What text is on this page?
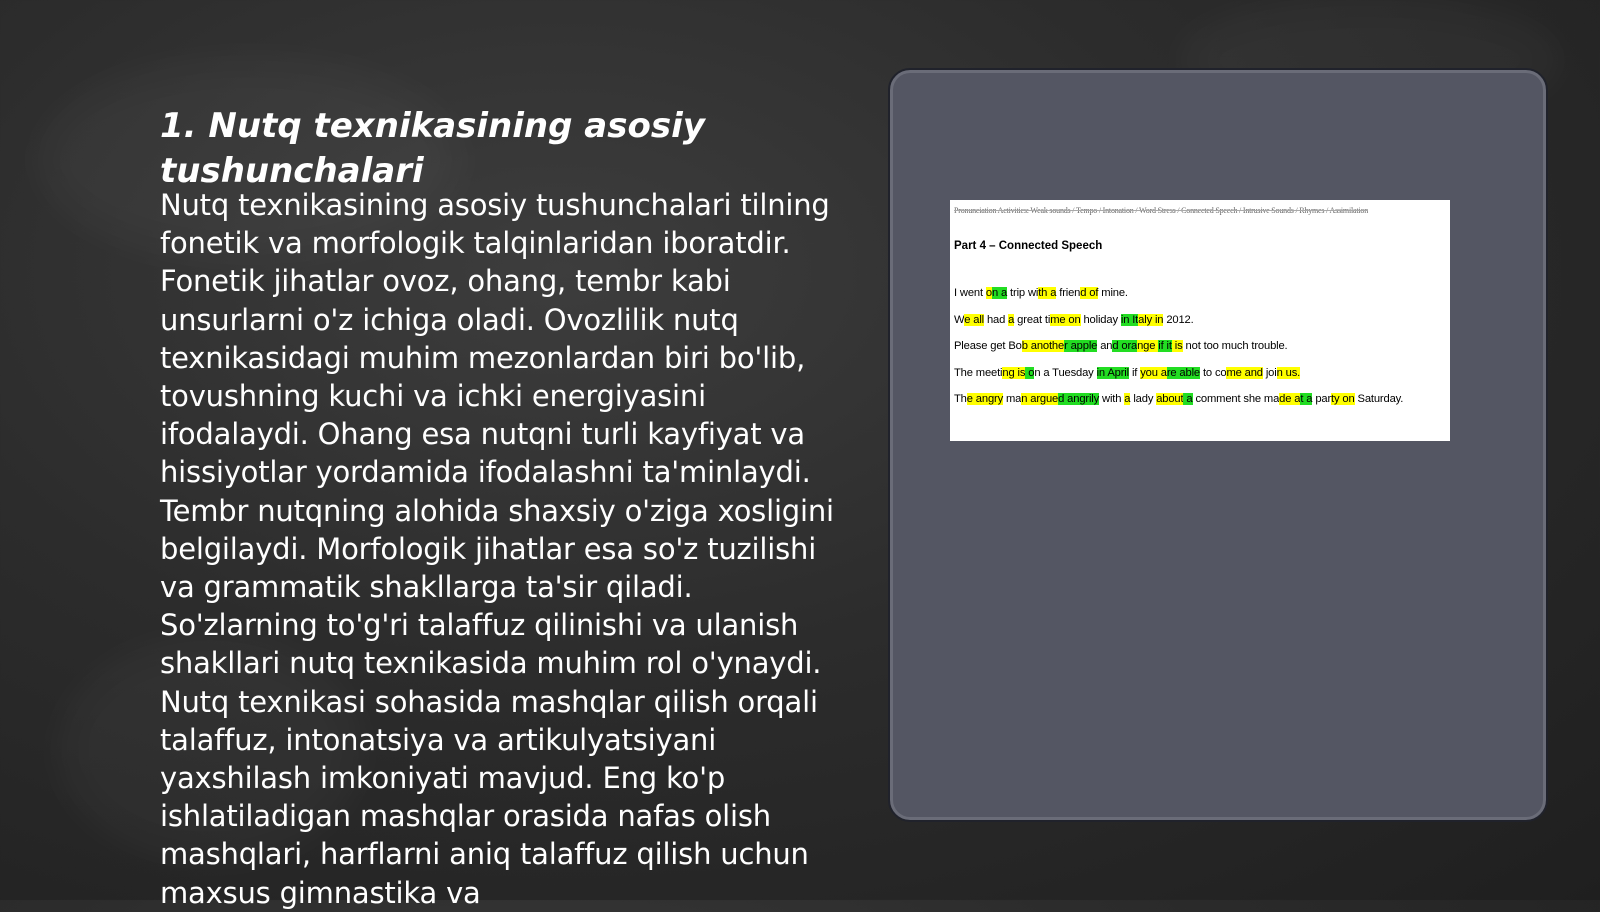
1. Nutq texnikasining asosiy tushunchalari

Nutq texnikasining asosiy tushunchalari tilning fonetik va morfologik talqinlaridan iboratdir. Fonetik jihatlar ovoz, ohang, tembr kabi unsurlarni o'z ichiga oladi. Ovozlilik nutq texnikasidagi muhim mezonlardan biri bo'lib, tovushning kuchi va ichki energiyasini ifodalaydi. Ohang esa nutqni turli kayfiyat va hissiyotlar yordamida ifodalashni ta'minlaydi. Tembr nutqning alohida shaxsiy o'ziga xosligini belgilaydi. Morfologik jihatlar esa so'z tuzilishi va grammatik shakllarga ta'sir qiladi. So'zlarning to'g'ri talaffuz qilinishi va ulanish shakllari nutq texnikasida muhim rol o'ynaydi. Nutq texnikasi sohasida mashqlar qilish orqali talaffuz, intonatsiya va artikulyatsiyani yaxshilash imkoniyati mavjud. Eng ko'p ishlatiladigan mashqlar orasida nafas olish mashqlari, harflarni aniq talaffuz qilish uchun maxsus gimnastika va

Pronunciation Activities: Weak sounds / Tempo / Intonation / Word Stress / Connected Speech / Intrusive Sounds / Rhymes / Assimilation
Part 4 – Connected Speech
I went on a trip with a friend of mine.
We all had a great time on holiday in Italy in 2012.
Please get Bob another apple and orange if it is not too much trouble.
The meeting is on a Tuesday in April if you are able to come and join us.
The angry man argued angrily with a lady about a comment she made at a party on Saturday.
